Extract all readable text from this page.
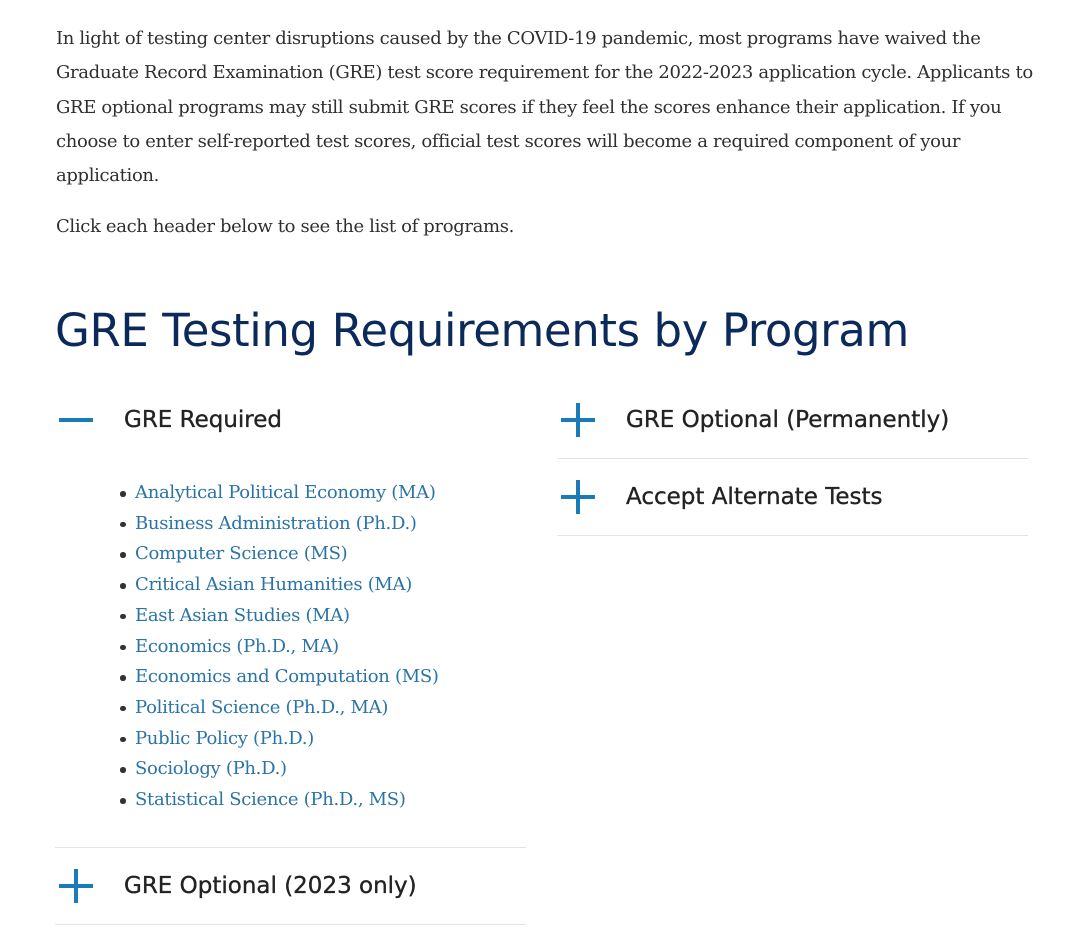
In light of testing center disruptions caused by the COVID-19 pandemic, most programs have waived the Graduate Record Examination (GRE) test score requirement for the 2022-2023 application cycle. Applicants to GRE optional programs may still submit GRE scores if they feel the scores enhance their application. If you choose to enter self-reported test scores, official test scores will become a required component of your application.

Click each header below to see the list of programs.

GRE Testing Requirements by Program
GRE Required
Analytical Political Economy (MA)
Business Administration (Ph.D.)
Computer Science (MS)
Critical Asian Humanities (MA)
East Asian Studies (MA)
Economics (Ph.D., MA)
Economics and Computation (MS)
Political Science (Ph.D., MA)
Public Policy (Ph.D.)
Sociology (Ph.D.)
Statistical Science (Ph.D., MS)
GRE Optional (2023 only)
GRE Optional (Permanently)
Accept Alternate Tests
